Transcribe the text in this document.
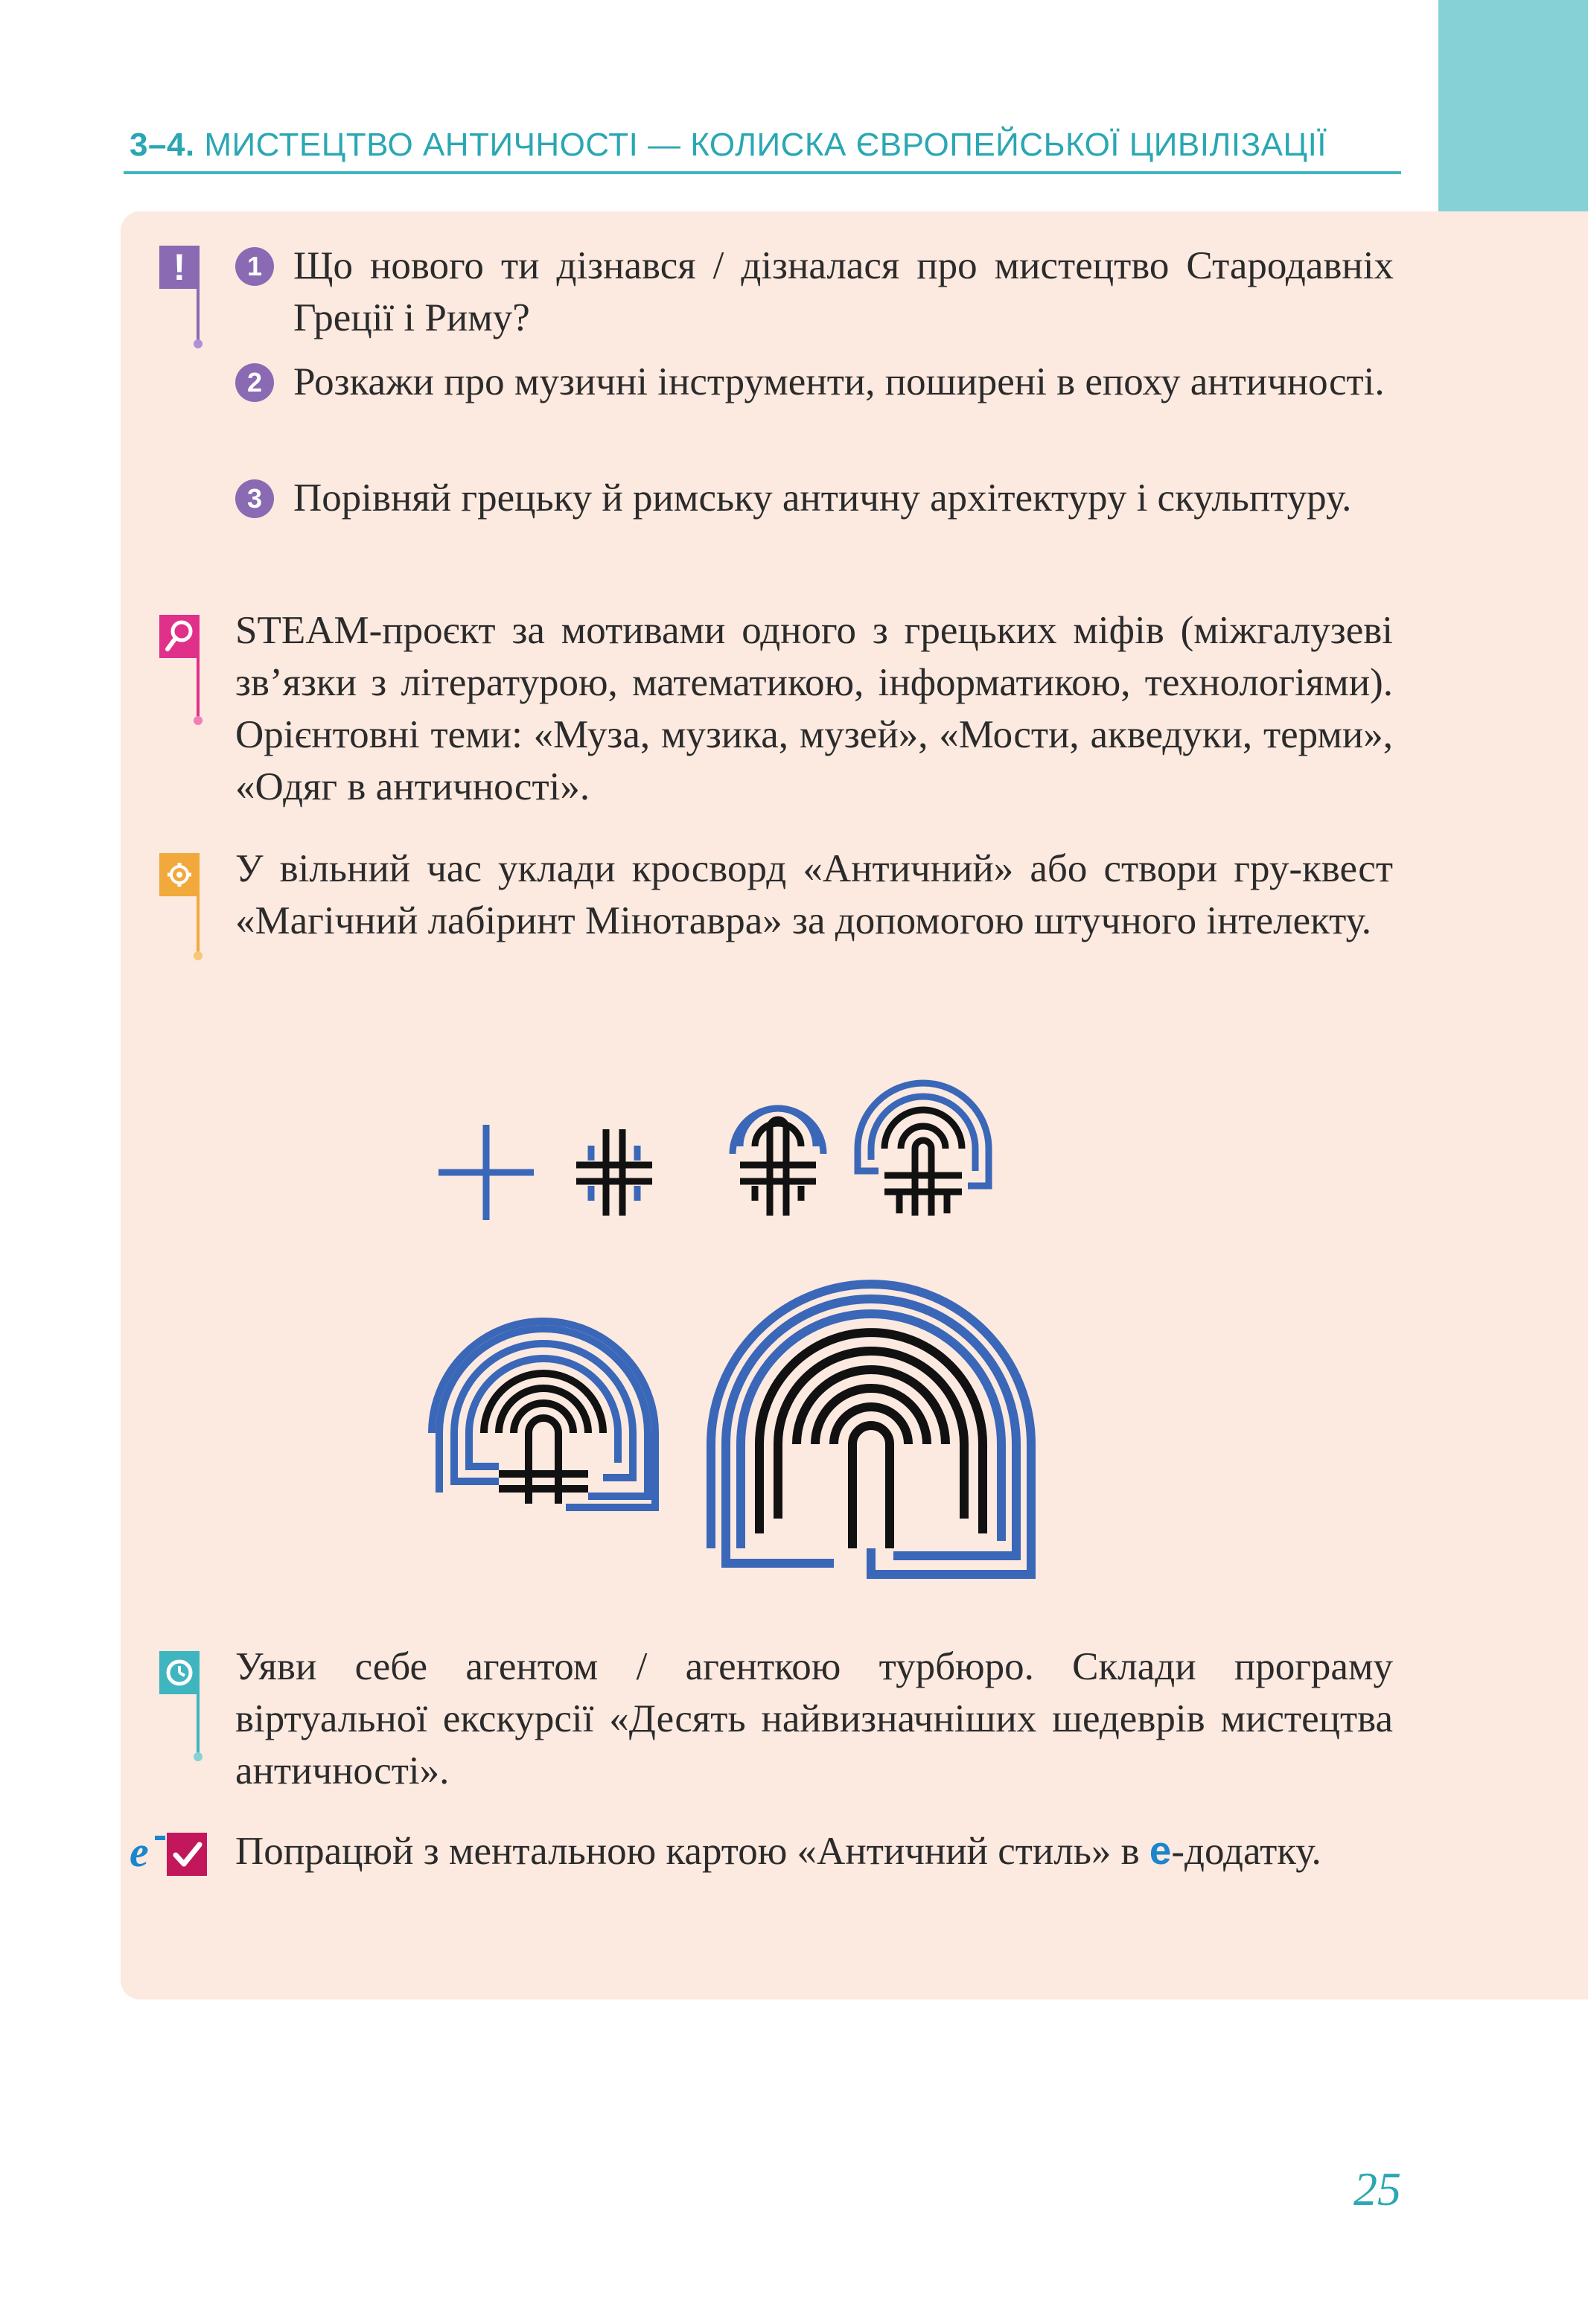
3–4. МИСТЕЦТВО АНТИЧНОСТІ — КОЛИСКА ЄВРОПЕЙСЬКОЇ ЦИВІЛІЗАЦІЇ
!	1 Що нового ти дізнався / дізналася про мистецтво Стародавніх Греції і Риму?
2 Розкажи про музичні інструменти, поширені в епоху античності.
3 Порівняй грецьку й римську античну архітектуру і скульптуру.
STEAM-проєкт за мотивами одного з грецьких міфів (міжгалузеві зв’язки з літературою, математикою, інформатикою, технологіями). Орієнтовні теми: «Муза, музика, музей», «Мости, акведуки, терми», «Одяг в античності».
У вільний час уклади кросворд «Античний» або створи гру-квест «Магічний лабіринт Мінотавра» за допомогою штучного інтелекту.
Уяви себе агентом / агенткою турбюро. Склади програму віртуальної екскурсії «Десять найвизначніших шедеврів мистецтва античності».
e Попрацюй з ментальною картою «Античний стиль» в e-додатку.
25
